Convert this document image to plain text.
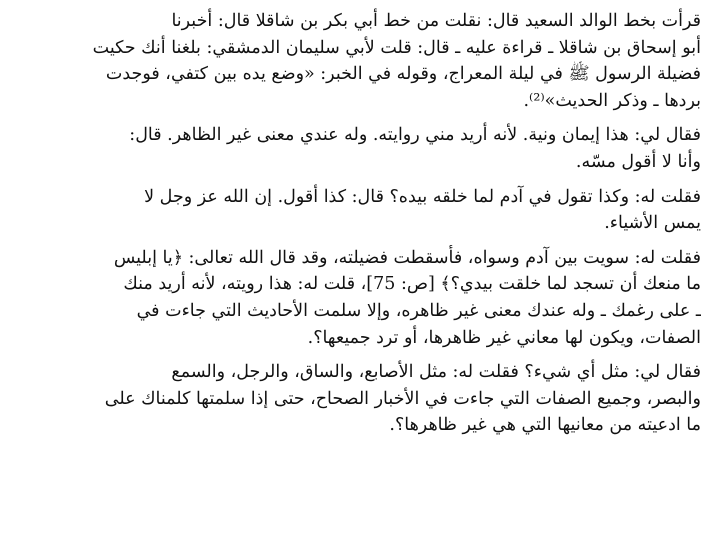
قرأت بخط الوالد السعيد قال: نقلت من خط أبي بكر بن شاقلا قال: أخبرنا
أبو إسحاق بن شاقلا ـ قراءة عليه ـ قال: قلت لأبي سليمان الدمشقي: بلغنا أنك حكيت
فضيلة الرسول ﷺ في ليلة المعراج، وقوله في الخبر: «وضع يده بين كتفي، فوجدت
بردها ـ وذكر الحديث»⁽²⁾.

فقال لي: هذا إيمان ونية. لأنه أريد مني روايته. وله عندي معنى غير الظاهر. قال:
وأنا لا أقول مسّه.

فقلت له: وكذا تقول في آدم لما خلقه بيده؟ قال: كذا أقول. إن الله عز وجل لا
يمس الأشياء.

فقلت له: سويت بين آدم وسواه، فأسقطت فضيلته، وقد قال الله تعالى: ﴿يا إبليس
ما منعك أن تسجد لما خلقت بيدي؟﴾ [ص: 75]، قلت له: هذا رويته، لأنه أريد منك
ـ على رغمك ـ وله عندك معنى غير ظاهره، وإلا سلمت الأحاديث التي جاءت في
الصفات، ويكون لها معاني غير ظاهرها، أو ترد جميعها؟.

فقال لي: مثل أي شيء؟ فقلت له: مثل الأصابع، والساق، والرجل، والسمع
والبصر، وجميع الصفات التي جاءت في الأخبار الصحاح، حتى إذا سلمتها كلمناك على
ما ادعيته من معانيها التي هي غير ظاهرها؟.
